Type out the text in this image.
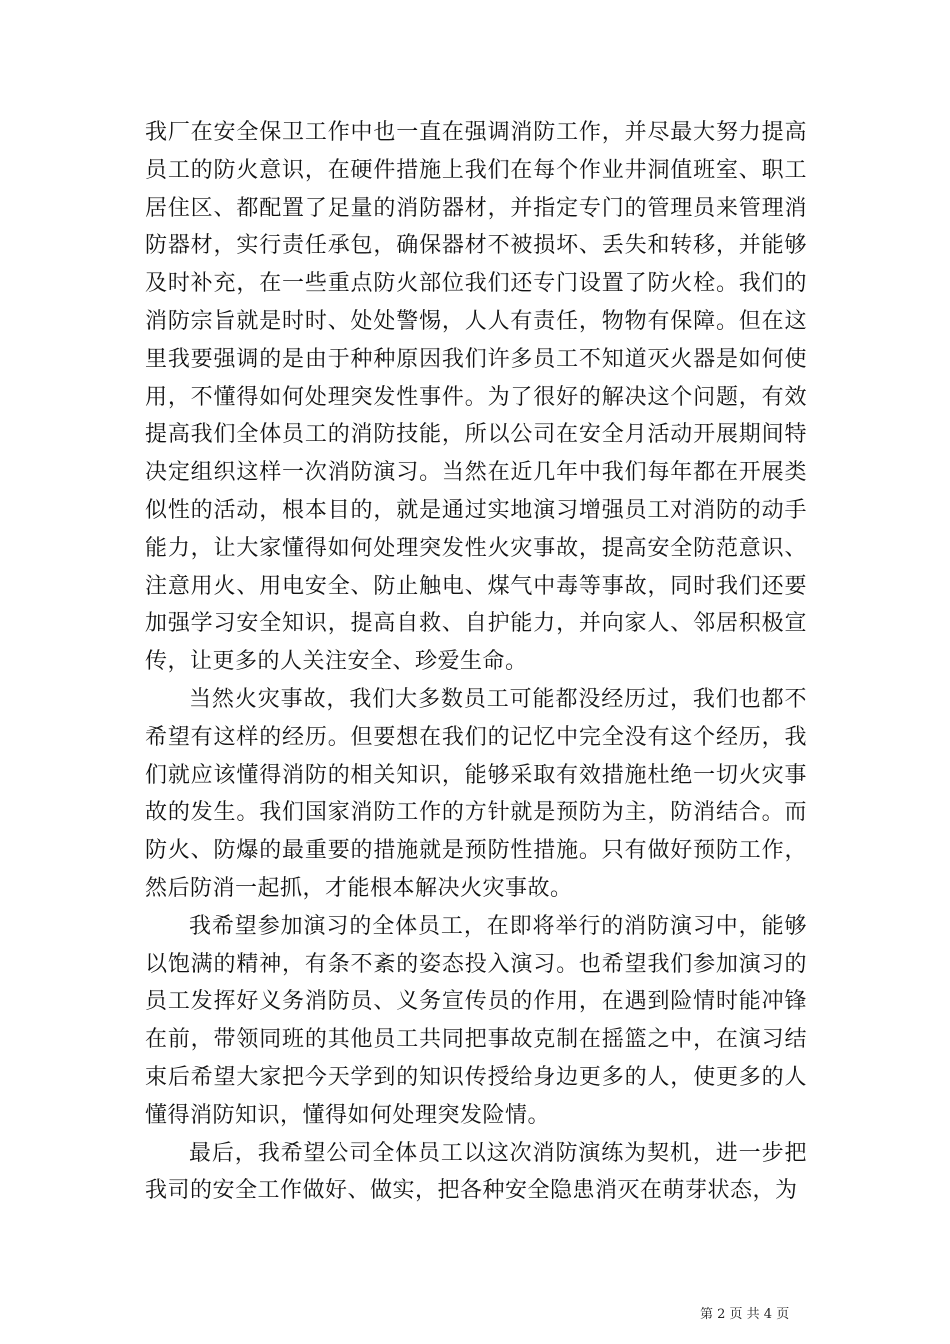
我厂在安全保卫工作中也一直在强调消防工作，并尽最大努力提高员工的防火意识，在硬件措施上我们在每个作业井洞值班室、职工居住区、都配置了足量的消防器材，并指定专门的管理员来管理消防器材，实行责任承包，确保器材不被损坏、丢失和转移，并能够及时补充，在一些重点防火部位我们还专门设置了防火栓。我们的消防宗旨就是时时、处处警惕，人人有责任，物物有保障。但在这里我要强调的是由于种种原因我们许多员工不知道灭火器是如何使用，不懂得如何处理突发性事件。为了很好的解决这个问题，有效提高我们全体员工的消防技能，所以公司在安全月活动开展期间特决定组织这样一次消防演习。当然在近几年中我们每年都在开展类似性的活动，根本目的，就是通过实地演习增强员工对消防的动手能力，让大家懂得如何处理突发性火灾事故，提高安全防范意识、注意用火、用电安全、防止触电、煤气中毒等事故，同时我们还要加强学习安全知识，提高自救、自护能力，并向家人、邻居积极宣传，让更多的人关注安全、珍爱生命。

当然火灾事故，我们大多数员工可能都没经历过，我们也都不希望有这样的经历。但要想在我们的记忆中完全没有这个经历，我们就应该懂得消防的相关知识，能够采取有效措施杜绝一切火灾事故的发生。我们国家消防工作的方针就是预防为主，防消结合。而防火、防爆的最重要的措施就是预防性措施。只有做好预防工作，然后防消一起抓，才能根本解决火灾事故。

我希望参加演习的全体员工，在即将举行的消防演习中，能够以饱满的精神，有条不紊的姿态投入演习。也希望我们参加演习的员工发挥好义务消防员、义务宣传员的作用，在遇到险情时能冲锋在前，带领同班的其他员工共同把事故克制在摇篮之中，在演习结束后希望大家把今天学到的知识传授给身边更多的人，使更多的人懂得消防知识，懂得如何处理突发险情。

最后，我希望公司全体员工以这次消防演练为契机，进一步把我司的安全工作做好、做实，把各种安全隐患消灭在萌芽状态，为

第 2 页 共 4 页
